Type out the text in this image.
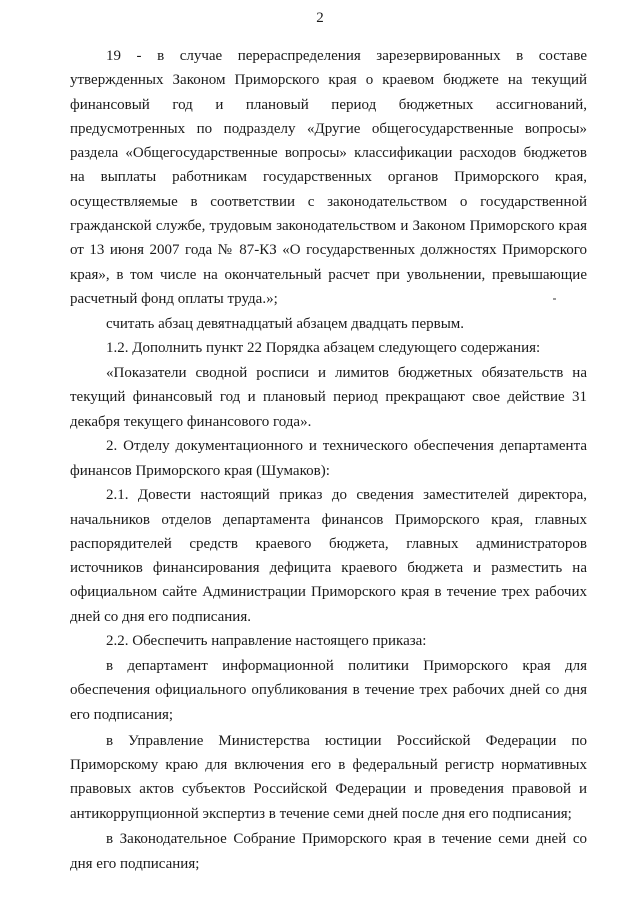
2

19 - в случае перераспределения зарезервированных в составе утвержденных Законом Приморского края о краевом бюджете на текущий финансовый год и плановый период бюджетных ассигнований, предусмотренных по подразделу «Другие общегосударственные вопросы» раздела «Общегосударственные вопросы» классификации расходов бюджетов на выплаты работникам государственных органов Приморского края, осуществляемые в соответствии с законодательством о государственной гражданской службе, трудовым законодательством и Законом Приморского края от 13 июня 2007 года № 87-КЗ «О государственных должностях Приморского края», в том числе на окончательный расчет при увольнении, превышающие расчетный фонд оплаты труда.»;

считать абзац девятнадцатый абзацем двадцать первым.

1.2. Дополнить пункт 22 Порядка абзацем следующего содержания:

«Показатели сводной росписи и лимитов бюджетных обязательств на текущий финансовый год и плановый период прекращают свое действие 31 декабря текущего финансового года».

2. Отделу документационного и технического обеспечения департамента финансов Приморского края (Шумаков):

2.1. Довести настоящий приказ до сведения заместителей директора, начальников отделов департамента финансов Приморского края, главных распорядителей средств краевого бюджета, главных администраторов источников финансирования дефицита краевого бюджета и разместить на официальном сайте Администрации Приморского края в течение трех рабочих дней со дня его подписания.

2.2. Обеспечить направление настоящего приказа:

в департамент информационной политики Приморского края для обеспечения официального опубликования в течение трех рабочих дней со дня его подписания;

в Управление Министерства юстиции Российской Федерации по Приморскому краю для включения его в федеральный регистр нормативных правовых актов субъектов Российской Федерации и проведения правовой и антикоррупционной экспертиз в течение семи дней после дня его подписания;

в Законодательное Собрание Приморского края в течение семи дней со дня его подписания;
